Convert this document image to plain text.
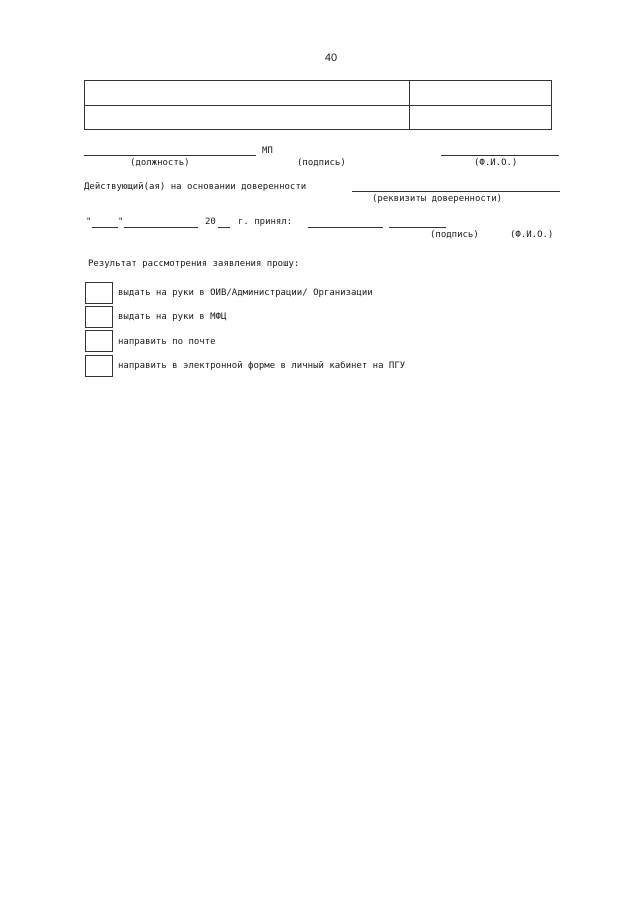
40
МП
(должность)	(подпись)	(Ф.И.О.)
Действующий(ая) на основании доверенности
(реквизиты доверенности)
"	"	20 г. принял:
(подпись)	(Ф.И.О.)
Результат рассмотрения заявления прошу:
выдать на руки в ОИВ/Администрации/ Организации
выдать на руки в МФЦ
направить по почте
направить в электронной форме в личный кабинет на ПГУ
